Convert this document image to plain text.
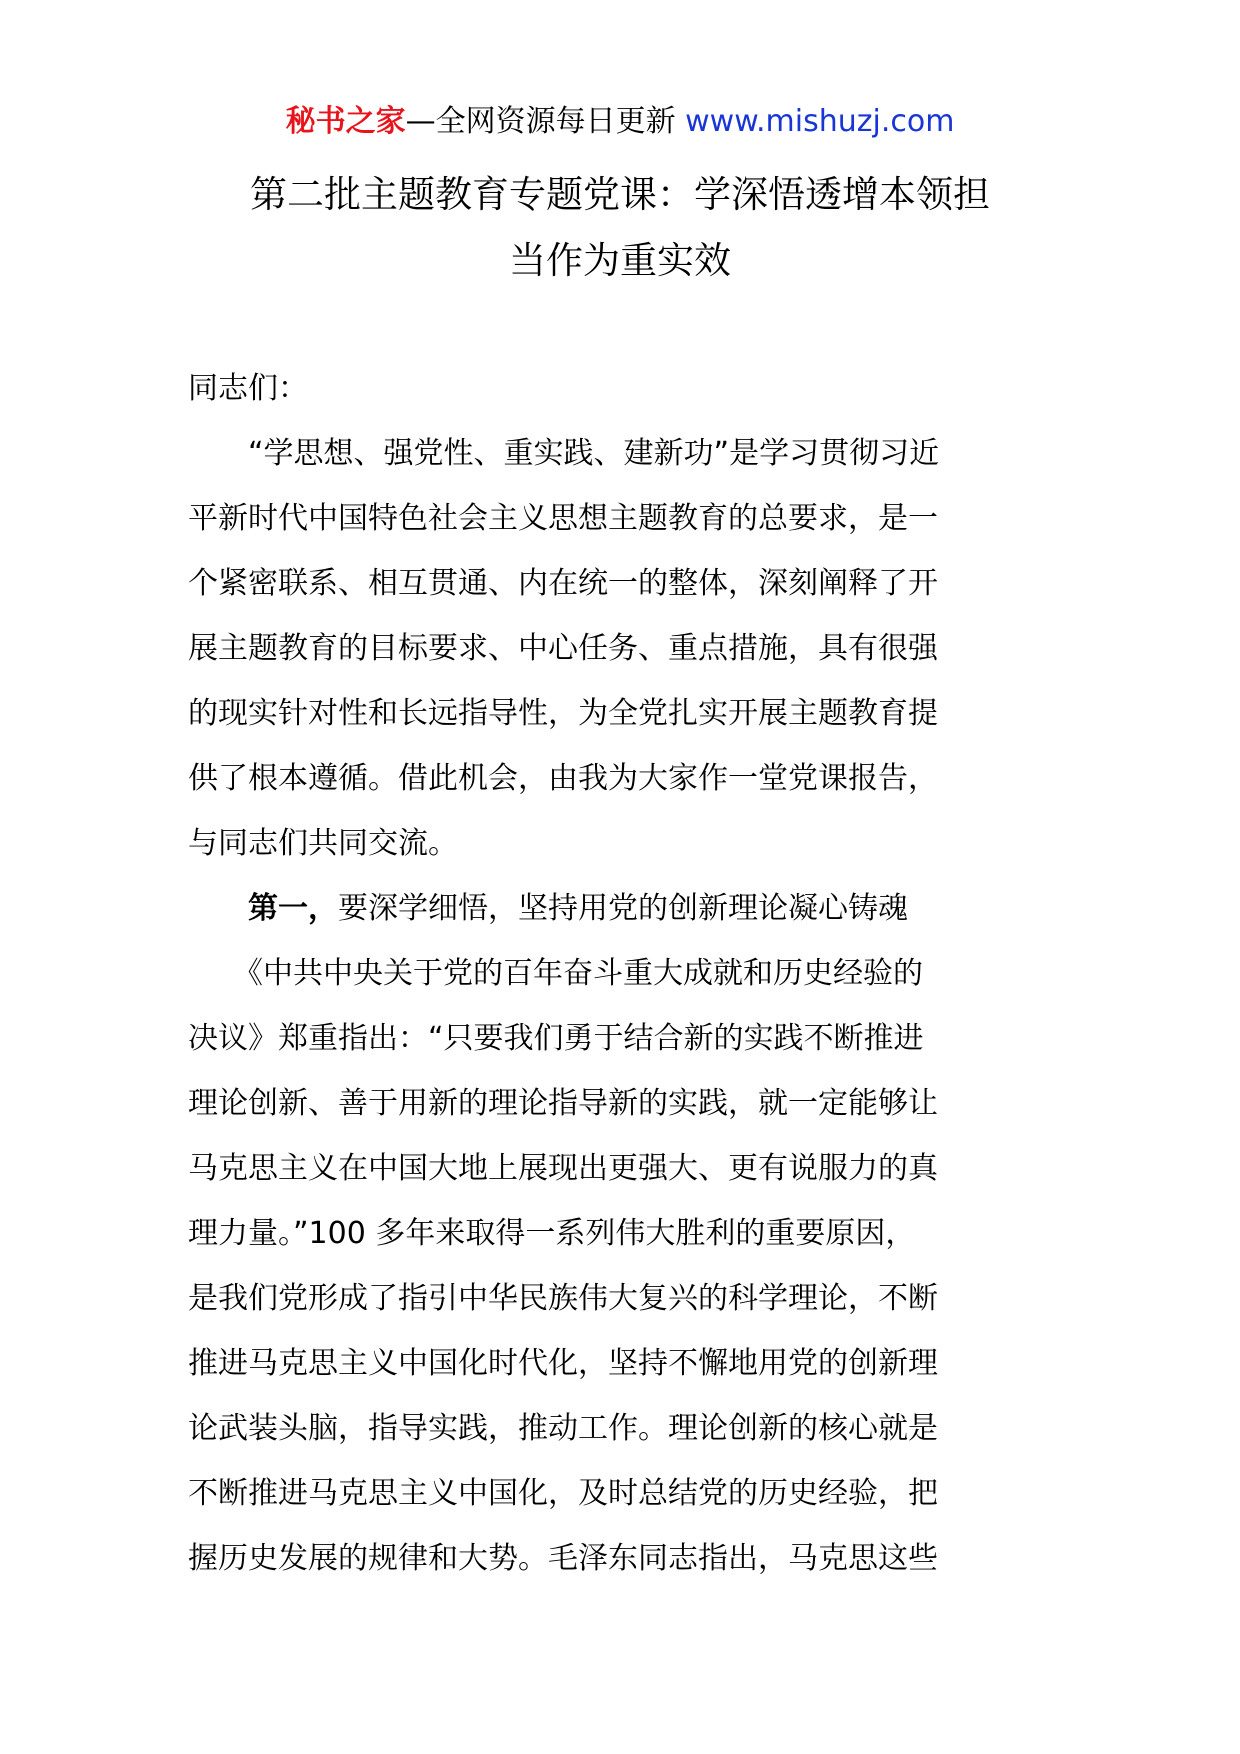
秘书之家—全网资源每日更新 www.mishuzj.com
第二批主题教育专题党课：学深悟透增本领担
当作为重实效
同志们：
　　“学思想、强党性、重实践、建新功”是学习贯彻习近
平新时代中国特色社会主义思想主题教育的总要求，是一
个紧密联系、相互贯通、内在统一的整体，深刻阐释了开
展主题教育的目标要求、中心任务、重点措施，具有很强
的现实针对性和长远指导性，为全党扎实开展主题教育提
供了根本遵循。借此机会，由我为大家作一堂党课报告，
与同志们共同交流。
　　第一，要深学细悟，坚持用党的创新理论凝心铸魂
　　《中共中央关于党的百年奋斗重大成就和历史经验的
决议》郑重指出：“只要我们勇于结合新的实践不断推进
理论创新、善于用新的理论指导新的实践，就一定能够让
马克思主义在中国大地上展现出更强大、更有说服力的真
理力量。”100 多年来取得一系列伟大胜利的重要原因，
是我们党形成了指引中华民族伟大复兴的科学理论，不断
推进马克思主义中国化时代化，坚持不懈地用党的创新理
论武装头脑，指导实践，推动工作。理论创新的核心就是
不断推进马克思主义中国化，及时总结党的历史经验，把
握历史发展的规律和大势。毛泽东同志指出，马克思这些
